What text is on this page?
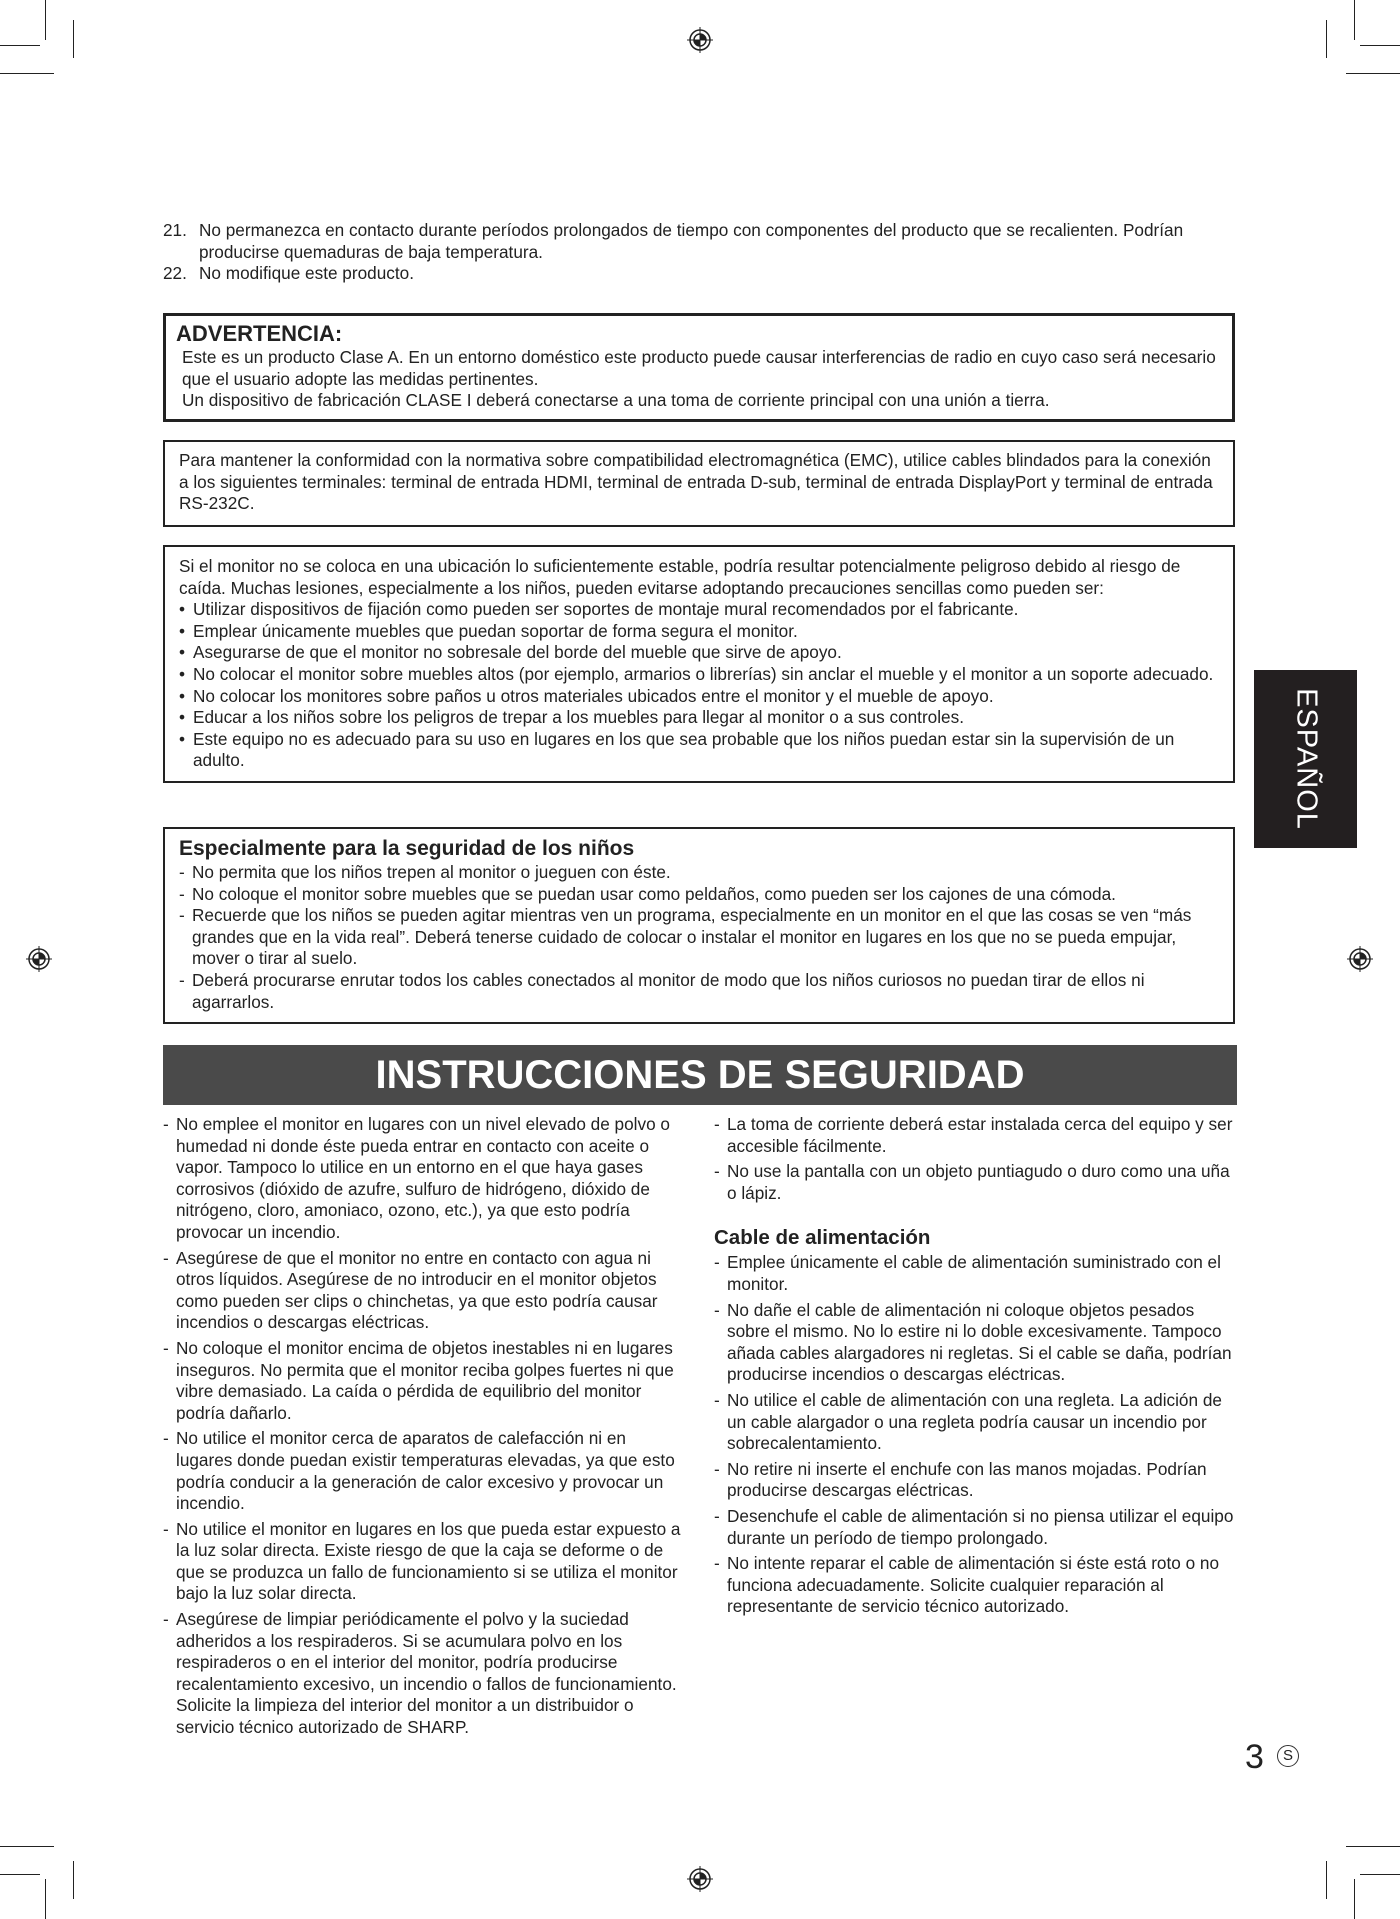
21. No permanezca en contacto durante períodos prolongados de tiempo con componentes del producto que se recalienten. Podrían producirse quemaduras de baja temperatura.
22. No modifique este producto.
ADVERTENCIA:
Este es un producto Clase A. En un entorno doméstico este producto puede causar interferencias de radio en cuyo caso será necesario que el usuario adopte las medidas pertinentes.
Un dispositivo de fabricación CLASE I deberá conectarse a una toma de corriente principal con una unión a tierra.
Para mantener la conformidad con la normativa sobre compatibilidad electromagnética (EMC), utilice cables blindados para la conexión a los siguientes terminales: terminal de entrada HDMI, terminal de entrada D-sub, terminal de entrada DisplayPort y terminal de entrada RS-232C.
Si el monitor no se coloca en una ubicación lo suficientemente estable, podría resultar potencialmente peligroso debido al riesgo de caída. Muchas lesiones, especialmente a los niños, pueden evitarse adoptando precauciones sencillas como pueden ser:
• Utilizar dispositivos de fijación como pueden ser soportes de montaje mural recomendados por el fabricante.
• Emplear únicamente muebles que puedan soportar de forma segura el monitor.
• Asegurarse de que el monitor no sobresale del borde del mueble que sirve de apoyo.
• No colocar el monitor sobre muebles altos (por ejemplo, armarios o librerías) sin anclar el mueble y el monitor a un soporte adecuado.
• No colocar los monitores sobre paños u otros materiales ubicados entre el monitor y el mueble de apoyo.
• Educar a los niños sobre los peligros de trepar a los muebles para llegar al monitor o a sus controles.
• Este equipo no es adecuado para su uso en lugares en los que sea probable que los niños puedan estar sin la supervisión de un adulto.
Especialmente para la seguridad de los niños
- No permita que los niños trepen al monitor o jueguen con éste.
- No coloque el monitor sobre muebles que se puedan usar como peldaños, como pueden ser los cajones de una cómoda.
- Recuerde que los niños se pueden agitar mientras ven un programa, especialmente en un monitor en el que las cosas se ven “más grandes que en la vida real”. Deberá tenerse cuidado de colocar o instalar el monitor en lugares en los que no se pueda empujar, mover o tirar al suelo.
- Deberá procurarse enrutar todos los cables conectados al monitor de modo que los niños curiosos no puedan tirar de ellos ni agarrarlos.
INSTRUCCIONES DE SEGURIDAD
- No emplee el monitor en lugares con un nivel elevado de polvo o humedad ni donde éste pueda entrar en contacto con aceite o vapor. Tampoco lo utilice en un entorno en el que haya gases corrosivos (dióxido de azufre, sulfuro de hidrógeno, dióxido de nitrógeno, cloro, amoniaco, ozono, etc.), ya que esto podría provocar un incendio.
- Asegúrese de que el monitor no entre en contacto con agua ni otros líquidos. Asegúrese de no introducir en el monitor objetos como pueden ser clips o chinchetas, ya que esto podría causar incendios o descargas eléctricas.
- No coloque el monitor encima de objetos inestables ni en lugares inseguros. No permita que el monitor reciba golpes fuertes ni que vibre demasiado. La caída o pérdida de equilibrio del monitor podría dañarlo.
- No utilice el monitor cerca de aparatos de calefacción ni en lugares donde puedan existir temperaturas elevadas, ya que esto podría conducir a la generación de calor excesivo y provocar un incendio.
- No utilice el monitor en lugares en los que pueda estar expuesto a la luz solar directa. Existe riesgo de que la caja se deforme o de que se produzca un fallo de funcionamiento si se utiliza el monitor bajo la luz solar directa.
- Asegúrese de limpiar periódicamente el polvo y la suciedad adheridos a los respiraderos. Si se acumulara polvo en los respiraderos o en el interior del monitor, podría producirse recalentamiento excesivo, un incendio o fallos de funcionamiento.
Solicite la limpieza del interior del monitor a un distribuidor o servicio técnico autorizado de SHARP.
- La toma de corriente deberá estar instalada cerca del equipo y ser accesible fácilmente.
- No use la pantalla con un objeto puntiagudo o duro como una uña o lápiz.
Cable de alimentación
- Emplee únicamente el cable de alimentación suministrado con el monitor.
- No dañe el cable de alimentación ni coloque objetos pesados sobre el mismo. No lo estire ni lo doble excesivamente. Tampoco añada cables alargadores ni regletas. Si el cable se daña, podrían producirse incendios o descargas eléctricas.
- No utilice el cable de alimentación con una regleta. La adición de un cable alargador o una regleta podría causar un incendio por sobrecalentamiento.
- No retire ni inserte el enchufe con las manos mojadas. Podrían producirse descargas eléctricas.
- Desenchufe el cable de alimentación si no piensa utilizar el equipo durante un período de tiempo prolongado.
- No intente reparar el cable de alimentación si éste está roto o no funciona adecuadamente. Solicite cualquier reparación al representante de servicio técnico autorizado.
ESPAÑOL
3	S
